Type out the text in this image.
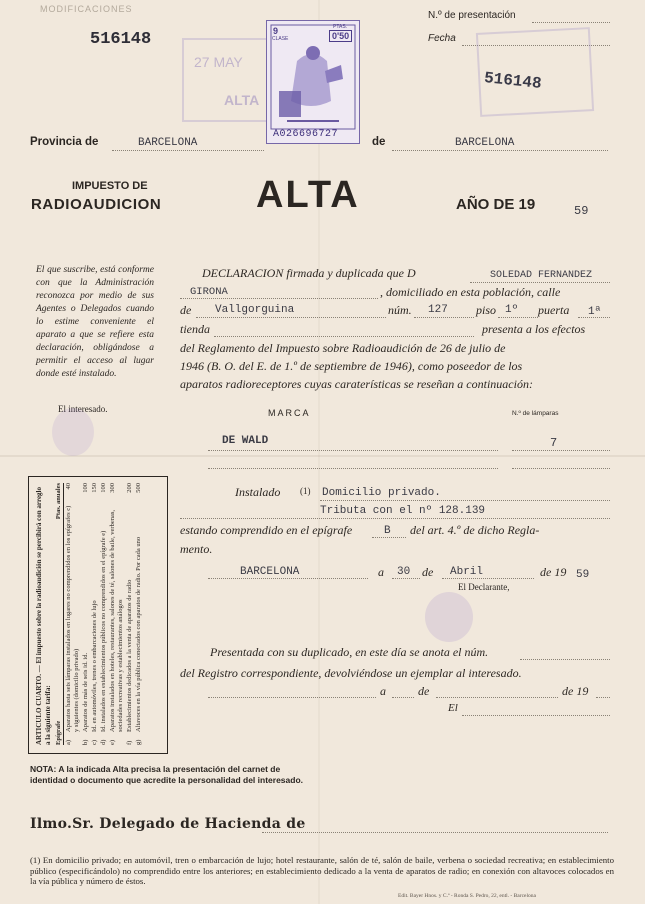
MODIFICACIONES
516148
N.º de presentación
Fecha
27 MAY
ALTA
516148
9
CLASE
PTAS.
0'50
A026696727
Provincia de	BARCELONA	de	BARCELONA
IMPUESTO DE
RADIOAUDICION ALTA	AÑO DE 19	59
El que suscribe, está conforme con que la Administración reconozca por medio de sus Agentes o Delegados cuando lo estime conveniente el aparato a que se refiere esta declaración, obligándose a permitir el acceso al lugar donde esté instalado.
El interesado.
DECLARACION firmada y duplicada que D	SOLEDAD FERNANDEZ
GIRONA	, domiciliado en esta población, calle
de Vallgorguina	núm. 127 piso 1º puerta 1ª
tienda	presenta a los efectos
del Reglamento del Impuesto sobre Radioaudición de 26 de julio de
1946 (B. O. del E. de 1.º de septiembre de 1946), como poseedor de los
aparatos radioreceptores cuyas caraterísticas se reseñan a continuación:
MARCA	N.º de lámparas
DE WALD	7
Instalado (1) Domicilio privado.
Tributa con el nº 128.139
estando comprendido en el epígrafe	B del art. 4.º de dicho Regla-
mento.
BARCELONA	a 30 de Abril	de 19 59
El Declarante,
Presentada con su duplicado, en este día se anota el núm.
del Registro correspondiente, devolviéndose un ejemplar al interesado.
a	de	de 19
El
ARTICULO CUARTO. — El impuesto sobre la radioaudición se percibirá con arreglo a la siguiente tarifa: Epígrafe
Ptas. anuales
a)
Aparatos hasta seis lámparas instalados en lugares no comprendidos en los epígrafes c) y siguientes (domicilio privado)
40
b)
Aparatos de más de seis id. id.
100
c)
Id. en automóviles, trenes o embarcaciones de lujo
150
d)
Id. instalados en establecimientos públicos no comprendidos en el epígrafe e)
100
e)
Aparatos instalados en hoteles, restaurantes, salones de té, salones de baile, verbenas, sociedades recreativas y establecimientos análogos
300
f)
Establecimientos dedicados a la venta de aparatos de radio
200
g)
Altavoces en la vía pública conectados con aparatos de radio. Por cada uno
500
NOTA: A la indicada Alta precisa la presentación del carnet de identidad o documento que acredite la personalidad del interesado.
Ilmo.Sr. Delegado de Hacienda de
(1) En domicilio privado; en automóvil, tren o embarcación de lujo; hotel restaurante, salón de té, salón de baile, verbena o sociedad recreativa; en establecimiento público (especificándolo) no comprendido entre los anteriores; en establecimiento dedicado a la venta de aparatos de radio; en conexión con altavoces colocados en la vía pública y número de éstos.
Edit. Bayer Hnos. y C.ª - Ronda S. Pedro, 22, entl. - Barcelona
